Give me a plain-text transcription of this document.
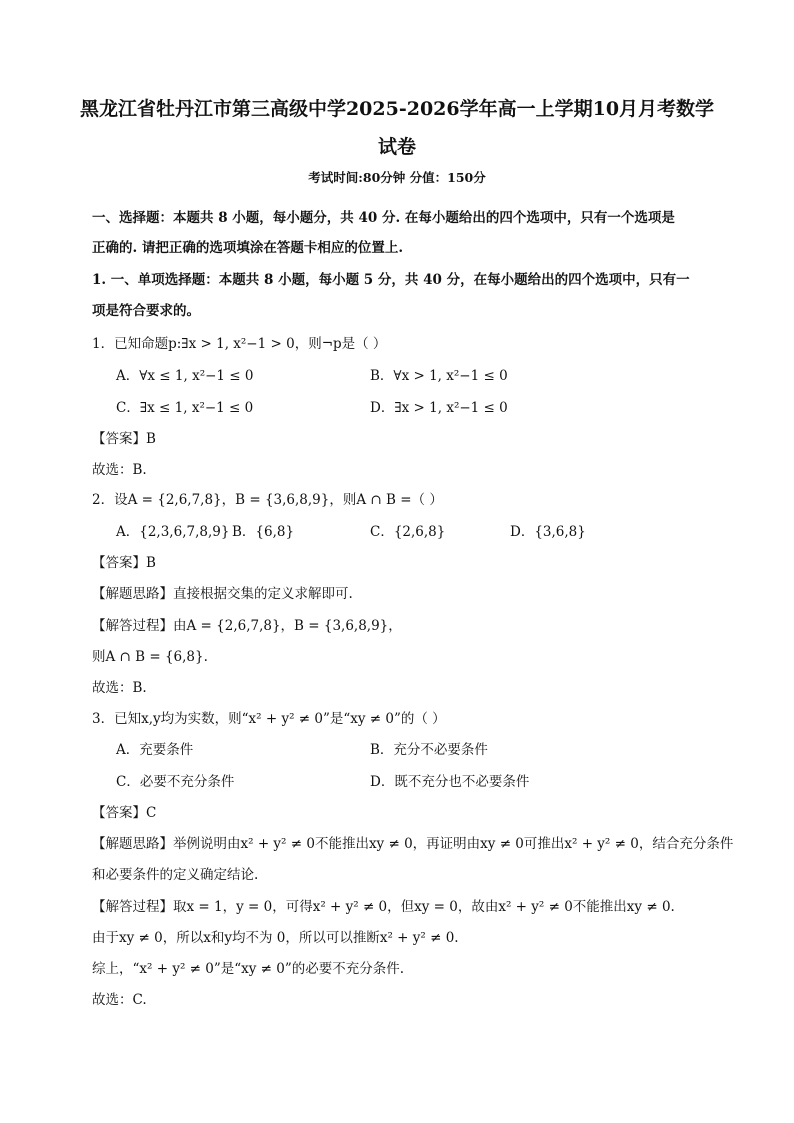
黑龙江省牡丹江市第三高级中学2025-2026学年高一上学期10月月考数学
试卷
考试时间:80分钟 分值：150分
一、选择题：本题共 8 小题，每小题分，共 40 分. 在每小题给出的四个选项中，只有一个选项是
正确的. 请把正确的选项填涂在答题卡相应的位置上.
1. 一、单项选择题：本题共 8 小题，每小题 5 分，共 40 分，在每小题给出的四个选项中，只有一
项是符合要求的。
1．已知命题p:∃x > 1, x²−1 > 0，则¬p是（ ）
A．∀x ≤ 1, x²−1 ≤ 0	B．∀x > 1, x²−1 ≤ 0
C．∃x ≤ 1, x²−1 ≤ 0	D．∃x > 1, x²−1 ≤ 0
【答案】B
故选：B.
2．设A = {2,6,7,8}，B = {3,6,8,9}，则A ∩ B =（ ）
A．{2,3,6,7,8,9} B．{6,8}	C．{2,6,8}	D．{3,6,8}
【答案】B
【解题思路】直接根据交集的定义求解即可.
【解答过程】由A = {2,6,7,8}，B = {3,6,8,9}，
则A ∩ B = {6,8}.
故选：B.
3．已知x,y均为实数，则“x² + y² ≠ 0”是“xy ≠ 0”的（ ）
A．充要条件	B．充分不必要条件
C．必要不充分条件	D．既不充分也不必要条件
【答案】C
【解题思路】举例说明由x² + y² ≠ 0不能推出xy ≠ 0，再证明由xy ≠ 0可推出x² + y² ≠ 0，结合充分条件
和必要条件的定义确定结论.
【解答过程】取x = 1，y = 0，可得x² + y² ≠ 0，但xy = 0，故由x² + y² ≠ 0不能推出xy ≠ 0.
由于xy ≠ 0，所以x和y均不为 0，所以可以推断x² + y² ≠ 0.
综上，“x² + y² ≠ 0”是“xy ≠ 0”的必要不充分条件.
故选：C.
